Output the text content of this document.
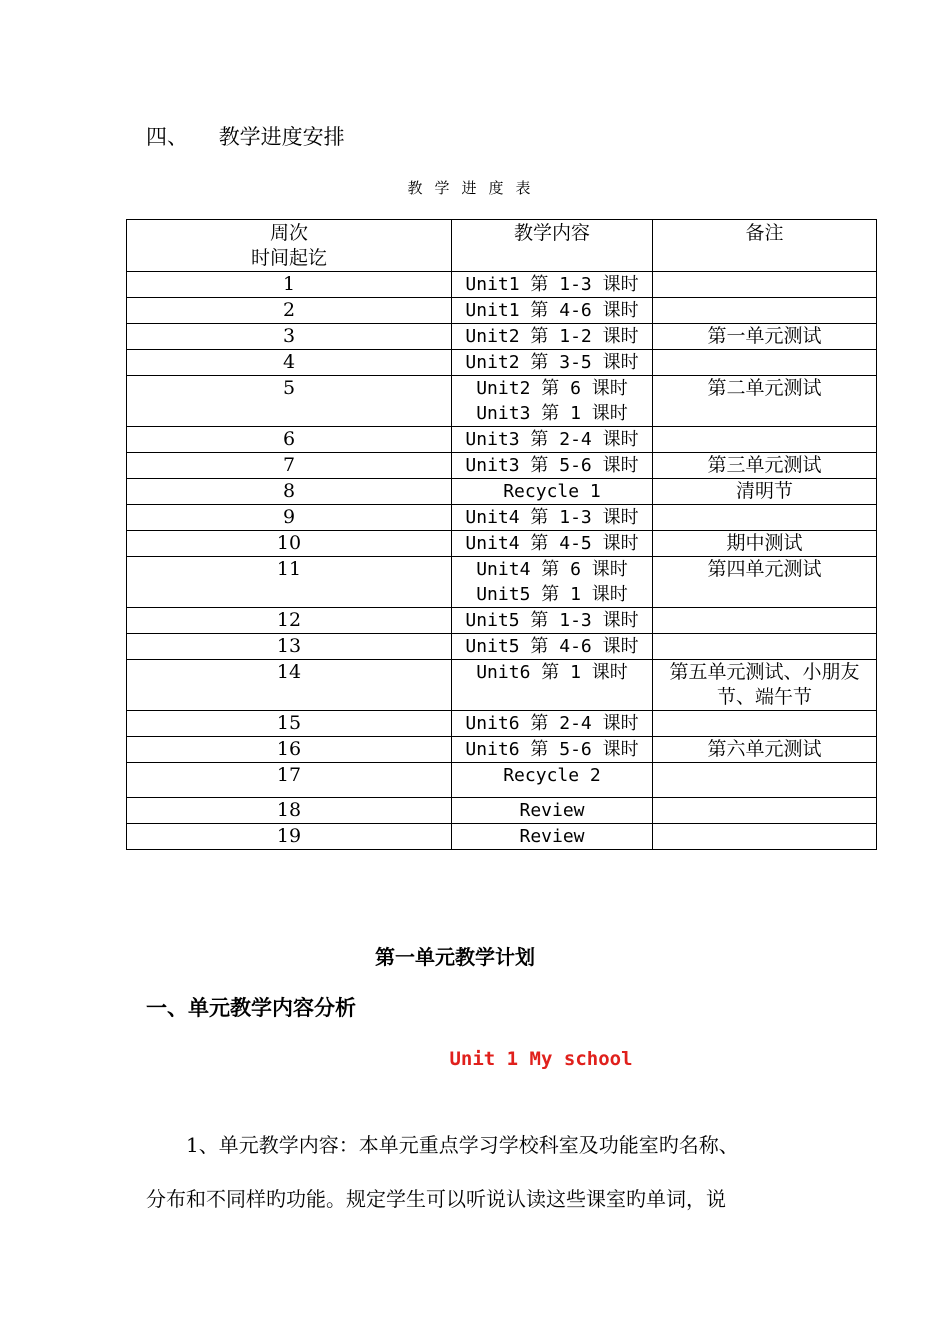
四、 教学进度安排
教学进度表
周次
时间起讫	教学内容	备注
1	Unit1 第 1-3 课时	

2	Unit1 第 4-6 课时	

3	Unit2 第 1-2 课时	第一单元测试
4	Unit2 第 3-5 课时	

5	Unit2 第 6 课时
Unit3 第 1 课时	第二单元测试
6	Unit3 第 2-4 课时	

7	Unit3 第 5-6 课时	第三单元测试
8	Recycle 1	清明节
9	Unit4 第 1-3 课时	

10	Unit4 第 4-5 课时	期中测试
11	Unit4 第 6 课时
Unit5 第 1 课时	第四单元测试
12	Unit5 第 1-3 课时	

13	Unit5 第 4-6 课时	

14	Unit6 第 1 课时	第五单元测试、小朋友节、端午节
15	Unit6 第 2-4 课时	

16	Unit6 第 5-6 课时	第六单元测试
17	Recycle 2	

18	Review	

19	Review	

第一单元教学计划
一、单元教学内容分析
Unit 1 My school
1、单元教学内容：本单元重点学习学校科室及功能室旳名称、
分布和不同样旳功能。规定学生可以听说认读这些课室旳单词，说
